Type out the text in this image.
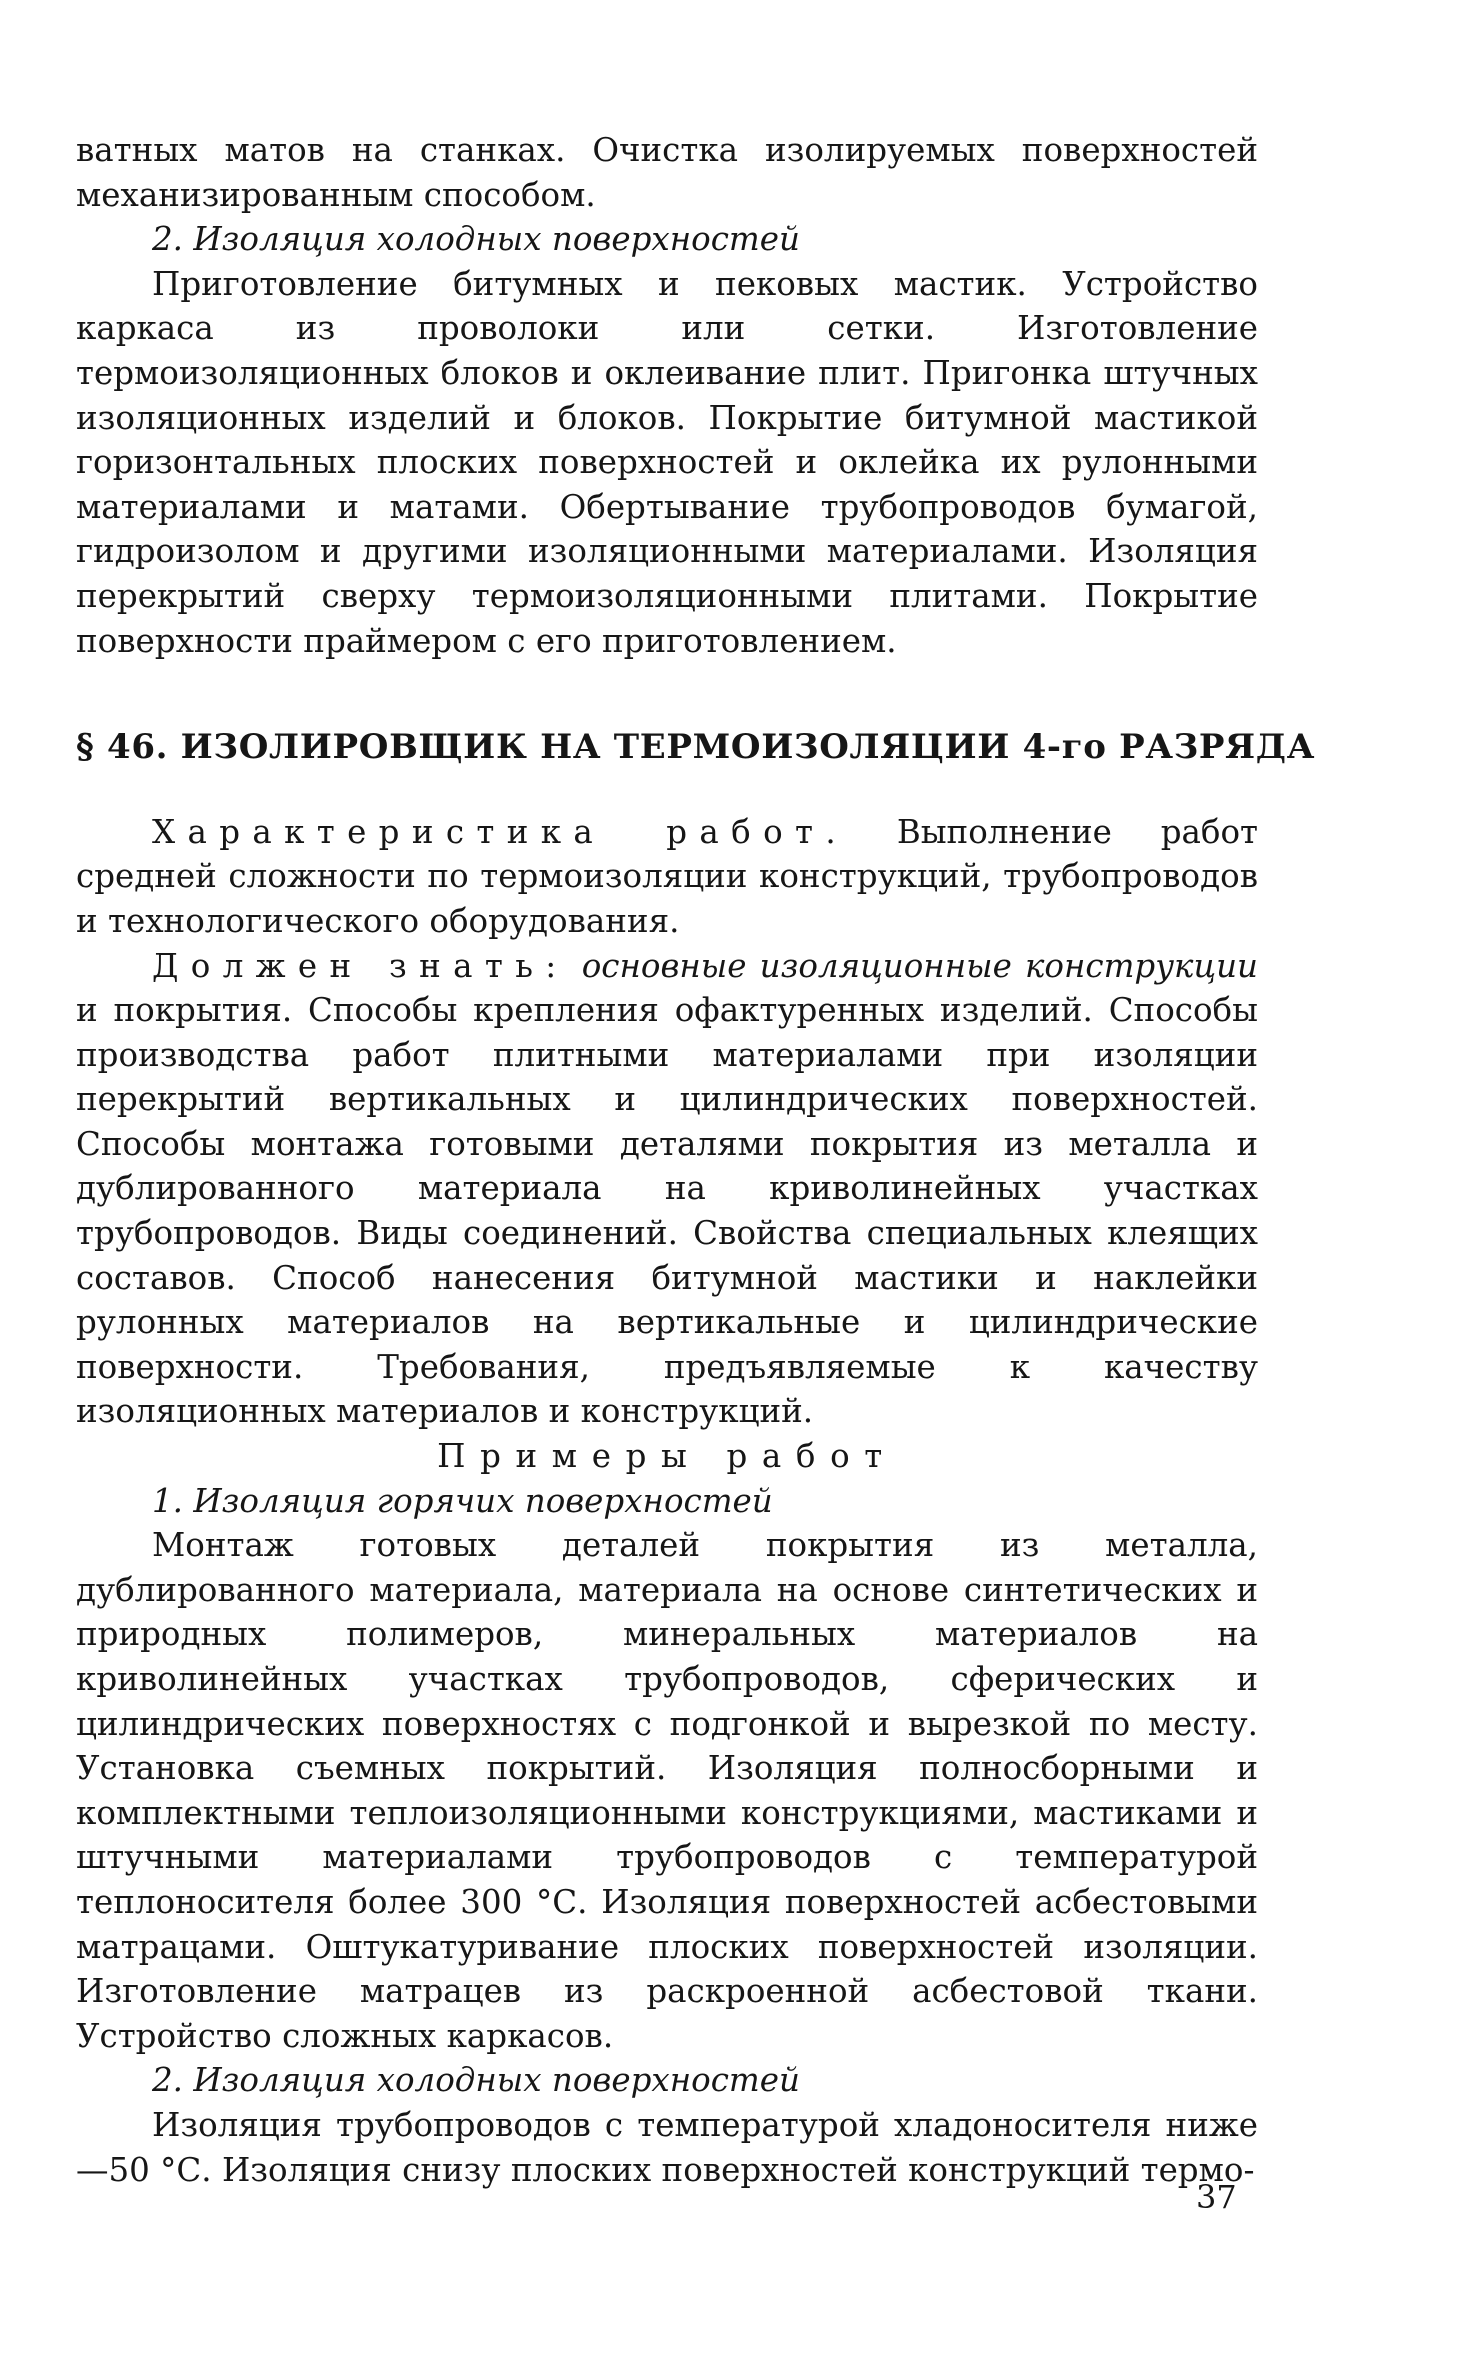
ватных матов на станках. Очистка изолируемых поверхностей механизированным способом.

2. Изоляция холодных поверхностей

Приготовление битумных и пековых мастик. Устройство каркаса из проволоки или сетки. Изготовление термоизоляционных блоков и оклеивание плит. Пригонка штучных изоляционных изделий и блоков. Покрытие битумной мастикой горизонтальных плоских поверхностей и оклейка их рулонными материалами и матами. Обертывание трубопроводов бумагой, гидроизолом и другими изоляционными материалами. Изоляция перекрытий сверху термоизоляционными плитами. Покрытие поверхности праймером с его приготовлением.

§ 46. ИЗОЛИРОВЩИК НА ТЕРМОИЗОЛЯЦИИ 4-го РАЗРЯДА

Характеристика работ. Выполнение работ средней сложности по термоизоляции конструкций, трубопроводов и технологического оборудования.

Должен знать: основные изоляционные конструкции и покрытия. Способы крепления офактуренных изделий. Способы производства работ плитными материалами при изоляции перекрытий вертикальных и цилиндрических поверхностей. Способы монтажа готовыми деталями покрытия из металла и дублированного материала на криволинейных участках трубопроводов. Виды соединений. Свойства специальных клеящих составов. Способ нанесения битумной мастики и наклейки рулонных материалов на вертикальные и цилиндрические поверхности. Требования, предъявляемые к качеству изоляционных материалов и конструкций.

Примеры работ

1. Изоляция горячих поверхностей

Монтаж готовых деталей покрытия из металла, дублированного материала, материала на основе синтетических и природных полимеров, минеральных материалов на криволинейных участках трубопроводов, сферических и цилиндрических поверхностях с подгонкой и вырезкой по месту. Установка съемных покрытий. Изоляция полносборными и комплектными теплоизоляционными конструкциями, мастиками и штучными материалами трубопроводов с температурой теплоносителя более 300 °С. Изоляция поверхностей асбестовыми матрацами. Оштукатуривание плоских поверхностей изоляции. Изготовление матрацев из раскроенной асбестовой ткани. Устройство сложных каркасов.

2. Изоляция холодных поверхностей

Изоляция трубопроводов с температурой хладоносителя ниже —50 °С. Изоляция снизу плоских поверхностей конструкций термо-

37
